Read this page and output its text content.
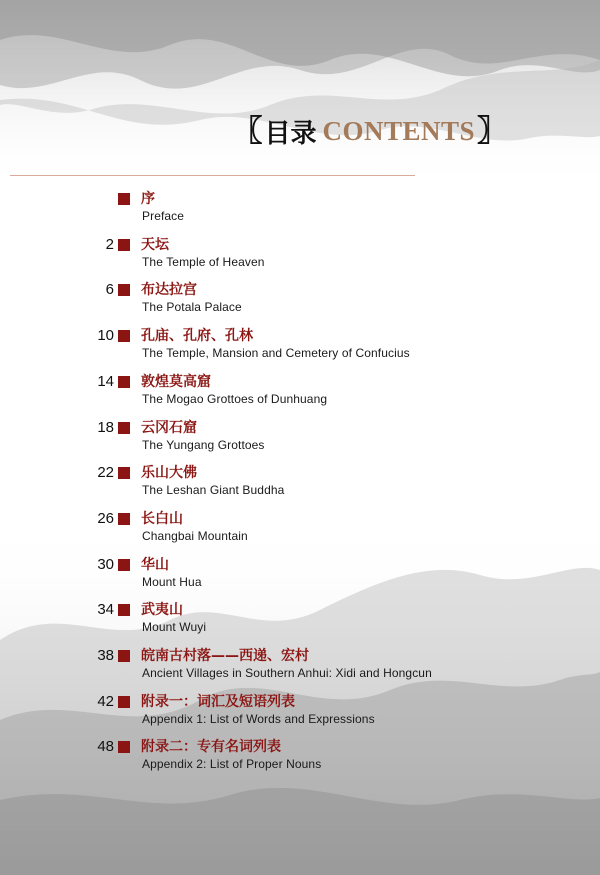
〖 目录 CONTENTS 〗
序
Preface
2 天坛
The Temple of Heaven
6 布达拉宫
The Potala Palace
10 孔庙、孔府、孔林
The Temple, Mansion and Cemetery of Confucius
14 敦煌莫高窟
The Mogao Grottoes of Dunhuang
18 云冈石窟
The Yungang Grottoes
22 乐山大佛
The Leshan Giant Buddha
26 长白山
Changbai Mountain
30 华山
Mount Hua
34 武夷山
Mount Wuyi
38 皖南古村落——西递、宏村
Ancient Villages in Southern Anhui: Xidi and Hongcun
42 附录一：词汇及短语列表
Appendix 1: List of Words and Expressions
48 附录二：专有名词列表
Appendix 2: List of Proper Nouns
